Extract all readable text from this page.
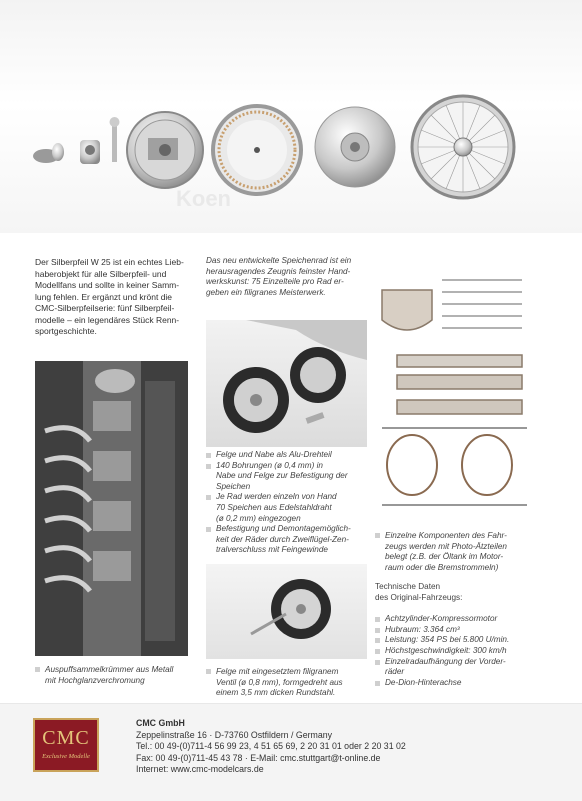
Koen
Der Silberpfeil W 25 ist ein echtes Lieb-
haberobjekt für alle Silberpfeil- und
Modellfans und sollte in keiner Samm-
lung fehlen. Er ergänzt und krönt die
CMC-Silberpfeilserie: fünf Silberpfeil-
modelle – ein legendäres Stück Renn-
sportgeschichte.
Das neu entwickelte Speichenrad ist ein
herausragendes Zeugnis feinster Hand-
werkskunst: 75 Einzelteile pro Rad er-
geben ein filigranes Meisterwerk.
Auspuffsammelkrümmer aus Metall
mit Hochglanzverchromung
Felge und Nabe als Alu-Drehteil
140 Bohrungen (ø 0,4 mm) in
Nabe und Felge zur Befestigung der
Speichen
Je Rad werden einzeln von Hand
70 Speichen aus Edelstahldraht
(ø 0,2 mm) eingezogen
Befestigung und Demontagemöglich-
keit der Räder durch Zweiflügel-Zen-
tralverschluss mit Feingewinde
Felge mit eingesetztem filigranem
Ventil (ø 0,8 mm), formgedreht aus
einem 3,5 mm dicken Rundstahl.
Einzelne Komponenten des Fahr-
zeugs werden mit Photo-Ätzteilen
belegt (z.B. der Öltank im Motor-
raum oder die Bremstrommeln)
Technische Daten
des Original-Fahrzeugs:
Achtzylinder-Kompressormotor
Hubraum: 3.364 cm³
Leistung: 354 PS bei 5.800 U/min.
Höchstgeschwindigkeit: 300 km/h
Einzelradaufhängung der Vorder-
räder
De-Dion-Hinterachse
CMC
Exclusive Modelle
CMC GmbH
Zeppelinstraße 16 · D-73760 Ostfildern / Germany
Tel.: 00 49-(0)711-4 56 99 23, 4 51 65 69, 2 20 31 01 oder 2 20 31 02
Fax: 00 49-(0)711-45 43 78 · E-Mail: cmc.stuttgart@t-online.de
Internet: www.cmc-modelcars.de
